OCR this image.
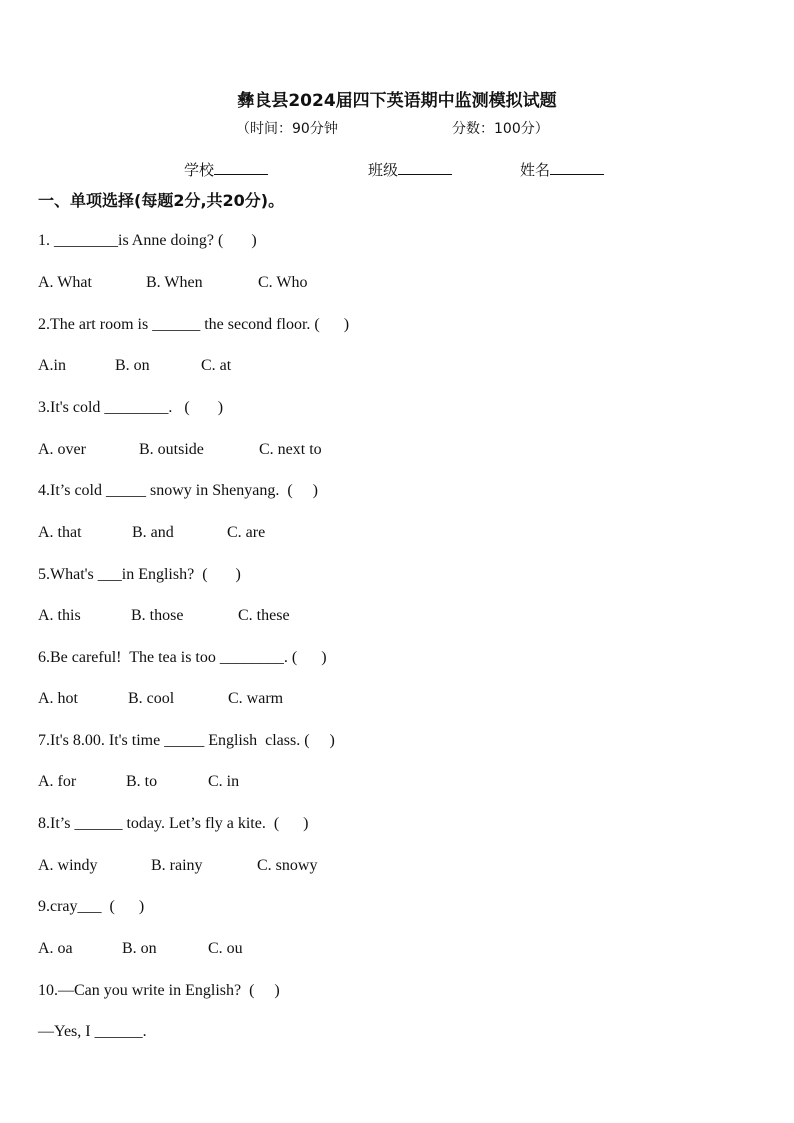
彝良县2024届四下英语期中监测模拟试题
（时间：90分钟	分数：100分）
学校	班级	姓名
一、单项选择(每题2分,共20分)。
1. ________is Anne doing? (       )
A. What	B. When	C. Who
2.The art room is ______ the second floor. (      )
A.in	B. on	C. at
3.It's cold ________.   (       )
A. over	B. outside	C. next to
4.It’s cold _____ snowy in Shenyang.  (     )
A. that	B. and	C. are
5.What's ___in English?  (       )
A. this	B. those	C. these
6.Be careful!  The tea is too ________. (      )
A. hot	B. cool	C. warm
7.It's 8.00. It's time _____ English  class. (     )
A. for	B. to	C. in
8.It’s ______ today. Let’s fly a kite.  (      )
A. windy	B. rainy	C. snowy
9.cray___  (      )
A. oa	B. on	C. ou
10.—Can you write in English?  (     )
—Yes, I ______.
